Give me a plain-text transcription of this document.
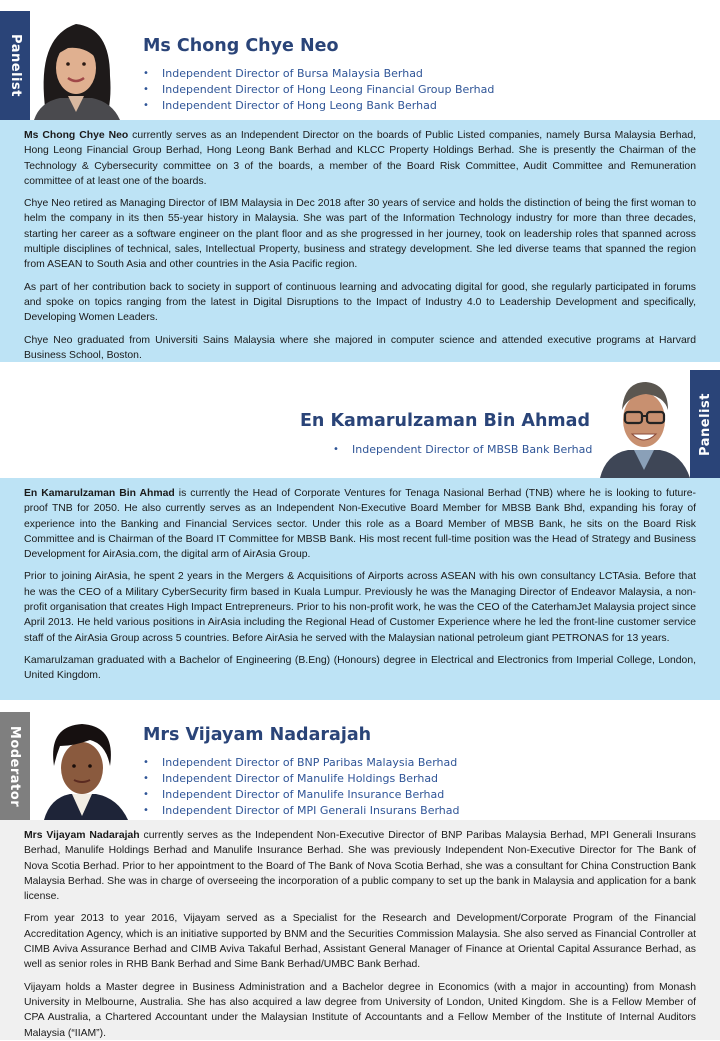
Panelist	Ms Chong Chye Neo
• Independent Director of Bursa Malaysia Berhad
• Independent Director of Hong Leong Financial Group Berhad
• Independent Director of Hong Leong Bank Berhad

Ms Chong Chye Neo currently serves as an Independent Director on the boards of Public Listed companies, namely Bursa Malaysia Berhad, Hong Leong Financial Group Berhad, Hong Leong Bank Berhad and KLCC Property Holdings Berhad. She is presently the Chairman of the Technology & Cybersecurity committee on 3 of the boards, a member of the Board Risk Committee, Audit Committee and Remuneration committee of at least one of the boards.

Chye Neo retired as Managing Director of IBM Malaysia in Dec 2018 after 30 years of service and holds the distinction of being the first woman to helm the company in its then 55-year history in Malaysia. She was part of the Information Technology industry for more than three decades, starting her career as a software engineer on the plant floor and as she progressed in her journey, took on leadership roles that spanned across multiple disciplines of technical, sales, Intellectual Property, business and strategy development. She led diverse teams that spanned the region from ASEAN to South Asia and other countries in the Asia Pacific region.

As part of her contribution back to society in support of continuous learning and advocating digital for good, she regularly participated in forums and spoke on topics ranging from the latest in Digital Disruptions to the Impact of Industry 4.0 to Leadership Development and specifically, Developing Women Leaders.

Chye Neo graduated from Universiti Sains Malaysia where she majored in computer science and attended executive programs at Harvard Business School, Boston.

En Kamarulzaman Bin Ahmad
• Independent Director of MBSB Bank Berhad	Panelist

En Kamarulzaman Bin Ahmad is currently the Head of Corporate Ventures for Tenaga Nasional Berhad (TNB) where he is looking to future-proof TNB for 2050. He also currently serves as an Independent Non-Executive Board Member for MBSB Bank Bhd, expanding his foray of experience into the Banking and Financial Services sector. Under this role as a Board Member of MBSB Bank, he sits on the Board Risk Committee and is Chairman of the Board IT Committee for MBSB Bank. His most recent full-time position was the Head of Strategy and Business Development for AirAsia.com, the digital arm of AirAsia Group.

Prior to joining AirAsia, he spent 2 years in the Mergers & Acquisitions of Airports across ASEAN with his own consultancy LCTAsia. Before that he was the CEO of a Military CyberSecurity firm based in Kuala Lumpur. Previously he was the Managing Director of Endeavor Malaysia, a non-profit organisation that creates High Impact Entrepreneurs. Prior to his non-profit work, he was the CEO of the CaterhamJet Malaysia project since April 2013. He held various positions in AirAsia including the Regional Head of Customer Experience where he led the front-line customer service staff of the AirAsia Group across 5 countries. Before AirAsia he served with the Malaysian national petroleum giant PETRONAS for 13 years.

Kamarulzaman graduated with a Bachelor of Engineering (B.Eng) (Honours) degree in Electrical and Electronics from Imperial College, London, United Kingdom.

Moderator	Mrs Vijayam Nadarajah
• Independent Director of BNP Paribas Malaysia Berhad
• Independent Director of Manulife Holdings Berhad
• Independent Director of Manulife Insurance Berhad
• Independent Director of MPI Generali Insurans Berhad

Mrs Vijayam Nadarajah currently serves as the Independent Non-Executive Director of BNP Paribas Malaysia Berhad, MPI Generali Insurans Berhad, Manulife Holdings Berhad and Manulife Insurance Berhad. She was previously Independent Non-Executive Director for The Bank of Nova Scotia Berhad. Prior to her appointment to the Board of The Bank of Nova Scotia Berhad, she was a consultant for China Construction Bank Malaysia Berhad. She was in charge of overseeing the incorporation of a public company to set up the bank in Malaysia and application for a bank license.

From year 2013 to year 2016, Vijayam served as a Specialist for the Research and Development/Corporate Program of the Financial Accreditation Agency, which is an initiative supported by BNM and the Securities Commission Malaysia. She also served as Financial Controller at CIMB Aviva Assurance Berhad and CIMB Aviva Takaful Berhad, Assistant General Manager of Finance at Oriental Capital Assurance Berhad, as well as senior roles in RHB Bank Berhad and Sime Bank Berhad/UMBC Bank Berhad.

Vijayam holds a Master degree in Business Administration and a Bachelor degree in Economics (with a major in accounting) from Monash University in Melbourne, Australia. She has also acquired a law degree from University of London, United Kingdom. She is a Fellow Member of CPA Australia, a Chartered Accountant under the Malaysian Institute of Accountants and a Fellow Member of the Institute of Internal Auditors Malaysia (“IIAM”).
